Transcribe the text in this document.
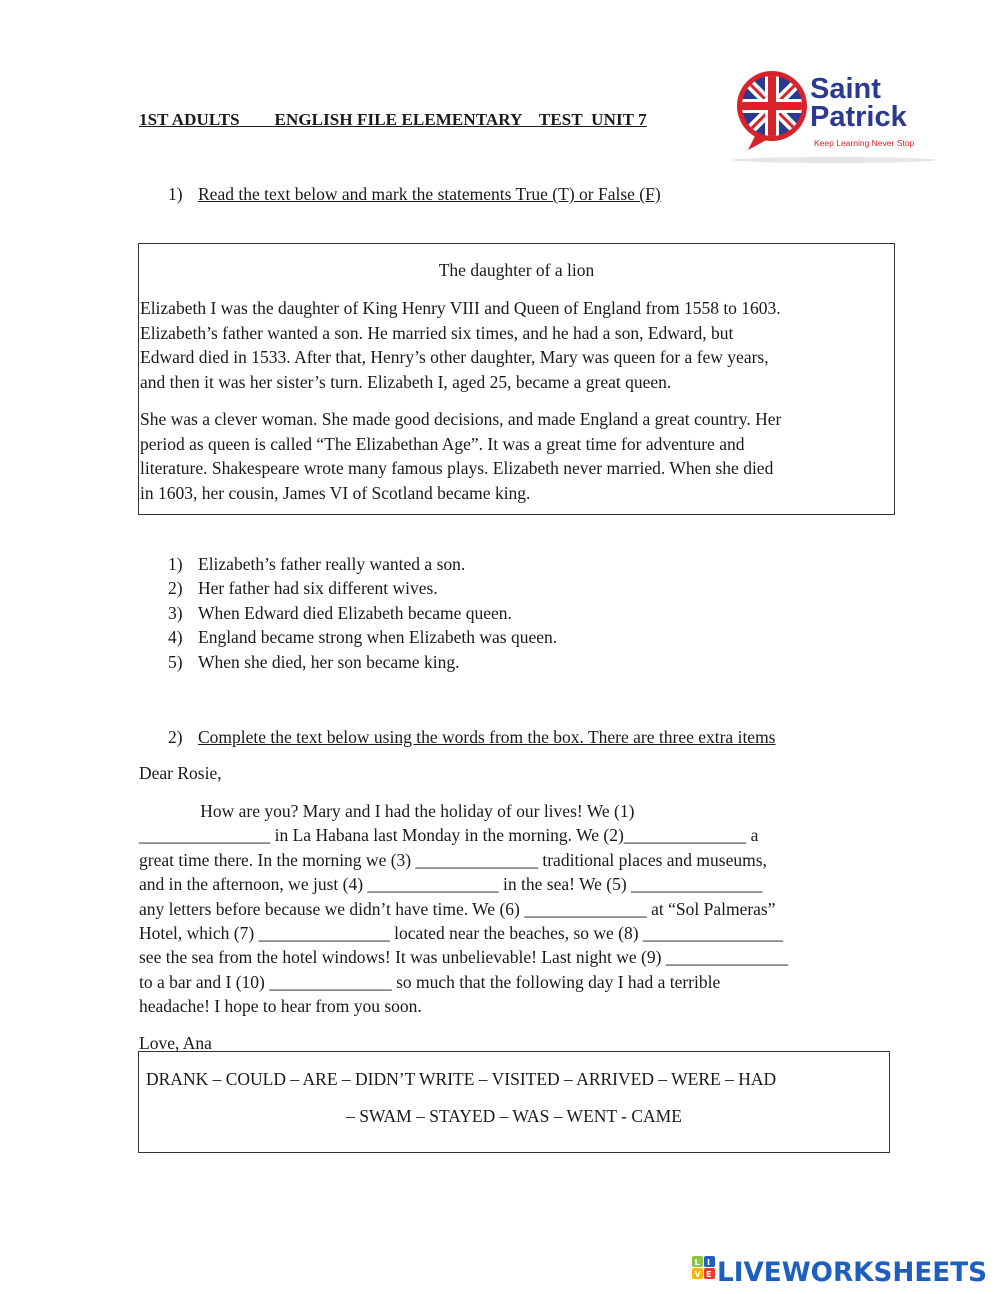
1ST ADULTS ENGLISH FILE ELEMENTARY TEST  UNIT 7
Saint
Patrick
Keep Learning Never Stop
1) Read the text below and mark the statements True (T) or False (F)
The daughter of a lion

Elizabeth I was the daughter of King Henry VIII and Queen of England from 1558 to 1603.
Elizabeth’s father wanted a son. He married six times, and he had a son, Edward, but
Edward died in 1533. After that, Henry’s other daughter, Mary was queen for a few years,
and then it was her sister’s turn. Elizabeth I, aged 25, became a great queen.

She was a clever woman. She made good decisions, and made England a great country. Her
period as queen is called “The Elizabethan Age”. It was a great time for adventure and
literature. Shakespeare wrote many famous plays. Elizabeth never married. When she died
in 1603, her cousin, James VI of Scotland became king.

1) Elizabeth’s father really wanted a son.
2) Her father had six different wives.
3) When Edward died Elizabeth became queen.
4) England became strong when Elizabeth was queen.
5) When she died, her son became king.
2) Complete the text below using the words from the box. There are three extra items
Dear Rosie,
How are you? Mary and I had the holiday of our lives! We (1)
_______________ in La Habana last Monday in the morning. We (2)______________ a
great time there. In the morning we (3) ______________ traditional places and museums,
and in the afternoon, we just (4) _______________ in the sea! We (5) _______________
any letters before because we didn’t have time. We (6) ______________ at “Sol Palmeras”
Hotel, which (7) _______________ located near the beaches, so we (8) ________________
see the sea from the hotel windows! It was unbelievable! Last night we (9) ______________
to a bar and I (10) ______________ so much that the following day I had a terrible
headache! I hope to hear from you soon.
Love, Ana
DRANK – COULD – ARE – DIDN’T WRITE – VISITED – ARRIVED – WERE – HAD
– SWAM – STAYED – WAS – WENT - CAME
L I
V E LIVEWORKSHEETS
